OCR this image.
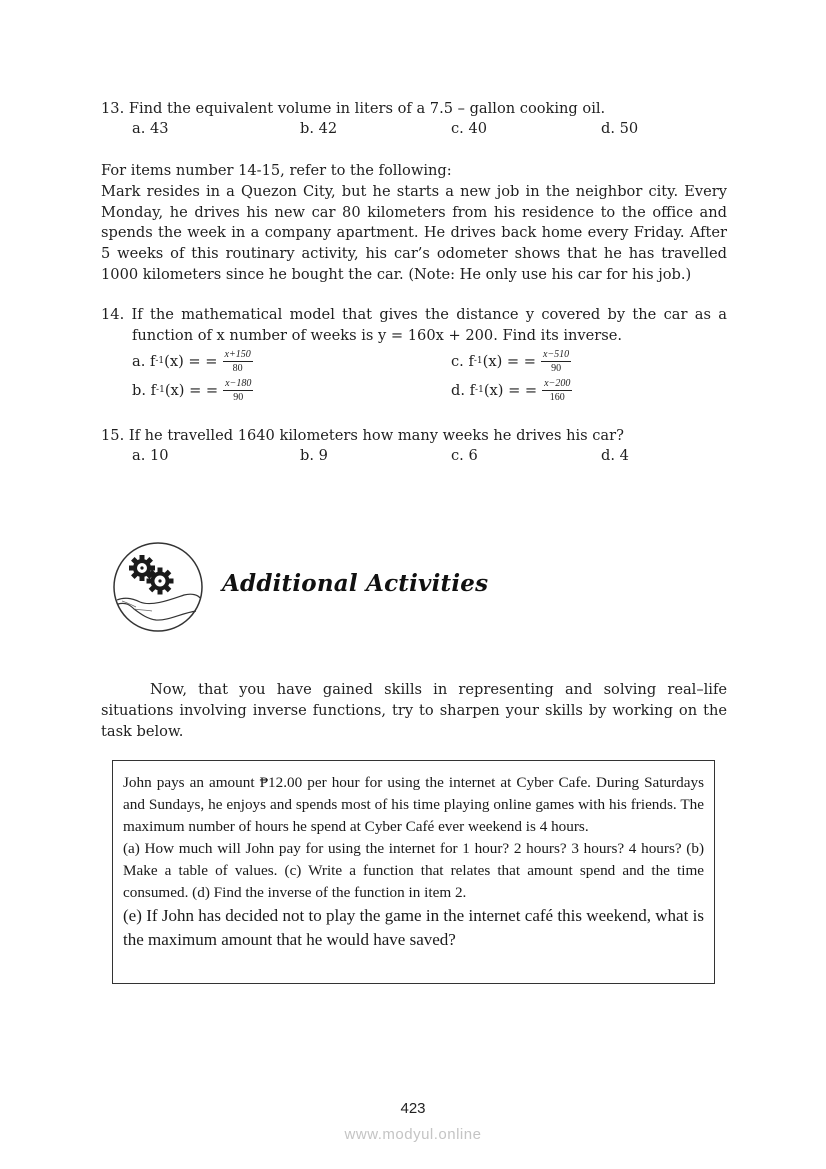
13. Find the equivalent volume in liters of a 7.5 – gallon cooking oil.

a. 43	b. 42	c. 40	d. 50

For items number 14-15, refer to the following:

Mark resides in a Quezon City, but he starts a new job in the neighbor city. Every Monday, he drives his new car 80 kilometers from his residence to the office and spends the week in a company apartment. He drives back home every Friday. After 5 weeks of this routinary activity, his car’s odometer shows that he has travelled 1000 kilometers since he bought the car. (Note: He only use his car for his job.)

14. If the mathematical model that gives the distance y covered by the car as a function of x number of weeks is y = 160x + 200. Find its inverse.

a. f -1 (x) = = $\frac{x+150}{80}$
b. f -1 (x) = = $\frac{x-180}{90}$
c. f -1 (x) = = $\frac{x-510}{90}$
d. f -1 (x) = = $\frac{x-200}{160}$

15. If he travelled 1640 kilometers how many weeks he drives his car?

a. 10	b. 9	c. 6	d. 4
Additional Activities

Now, that you have gained skills in representing and solving real–life situations involving inverse functions, try to sharpen your skills by working on the task below.

John pays an amount ₱12.00 per hour for using the internet at Cyber Cafe. During Saturdays and Sundays, he enjoys and spends most of his time playing online games with his friends. The maximum number of hours he spend at Cyber Café ever weekend is 4 hours.

(a) How much will John pay for using the internet for 1 hour? 2 hours? 3 hours? 4 hours? (b) Make a table of values. (c) Write a function that relates that amount spend and the time consumed. (d) Find the inverse of the function in item 2.

(e) If John has decided not to play the game in the internet café this weekend, what is the maximum amount that he would have saved?

423
www.modyul.online
